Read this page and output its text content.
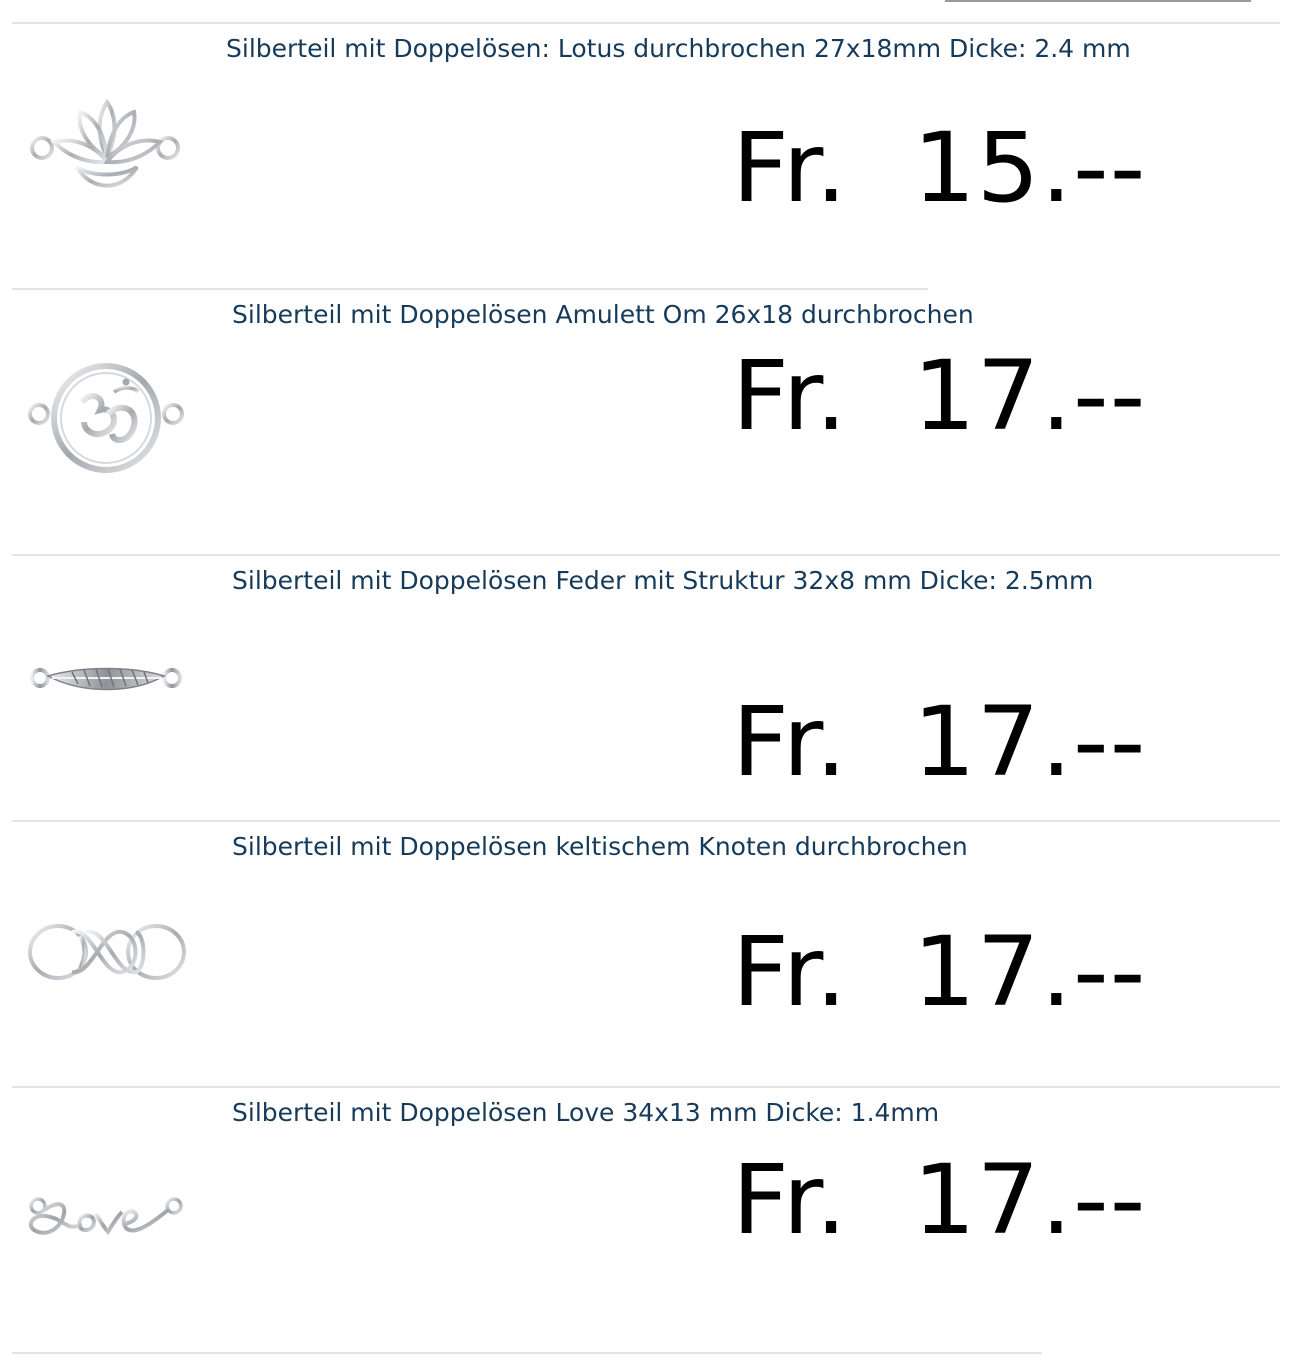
Silberteil mit Doppelösen: Lotus durchbrochen 27x18mm Dicke: 2.4 mm
Fr.  15.--
Silberteil mit Doppelösen Amulett Om 26x18 durchbrochen
Fr.  17.--
Silberteil mit Doppelösen Feder mit Struktur 32x8 mm Dicke: 2.5mm
Fr.  17.--
Silberteil mit Doppelösen keltischem Knoten durchbrochen
Fr.  17.--
Silberteil mit Doppelösen Love 34x13 mm Dicke: 1.4mm
Fr.  17.--
